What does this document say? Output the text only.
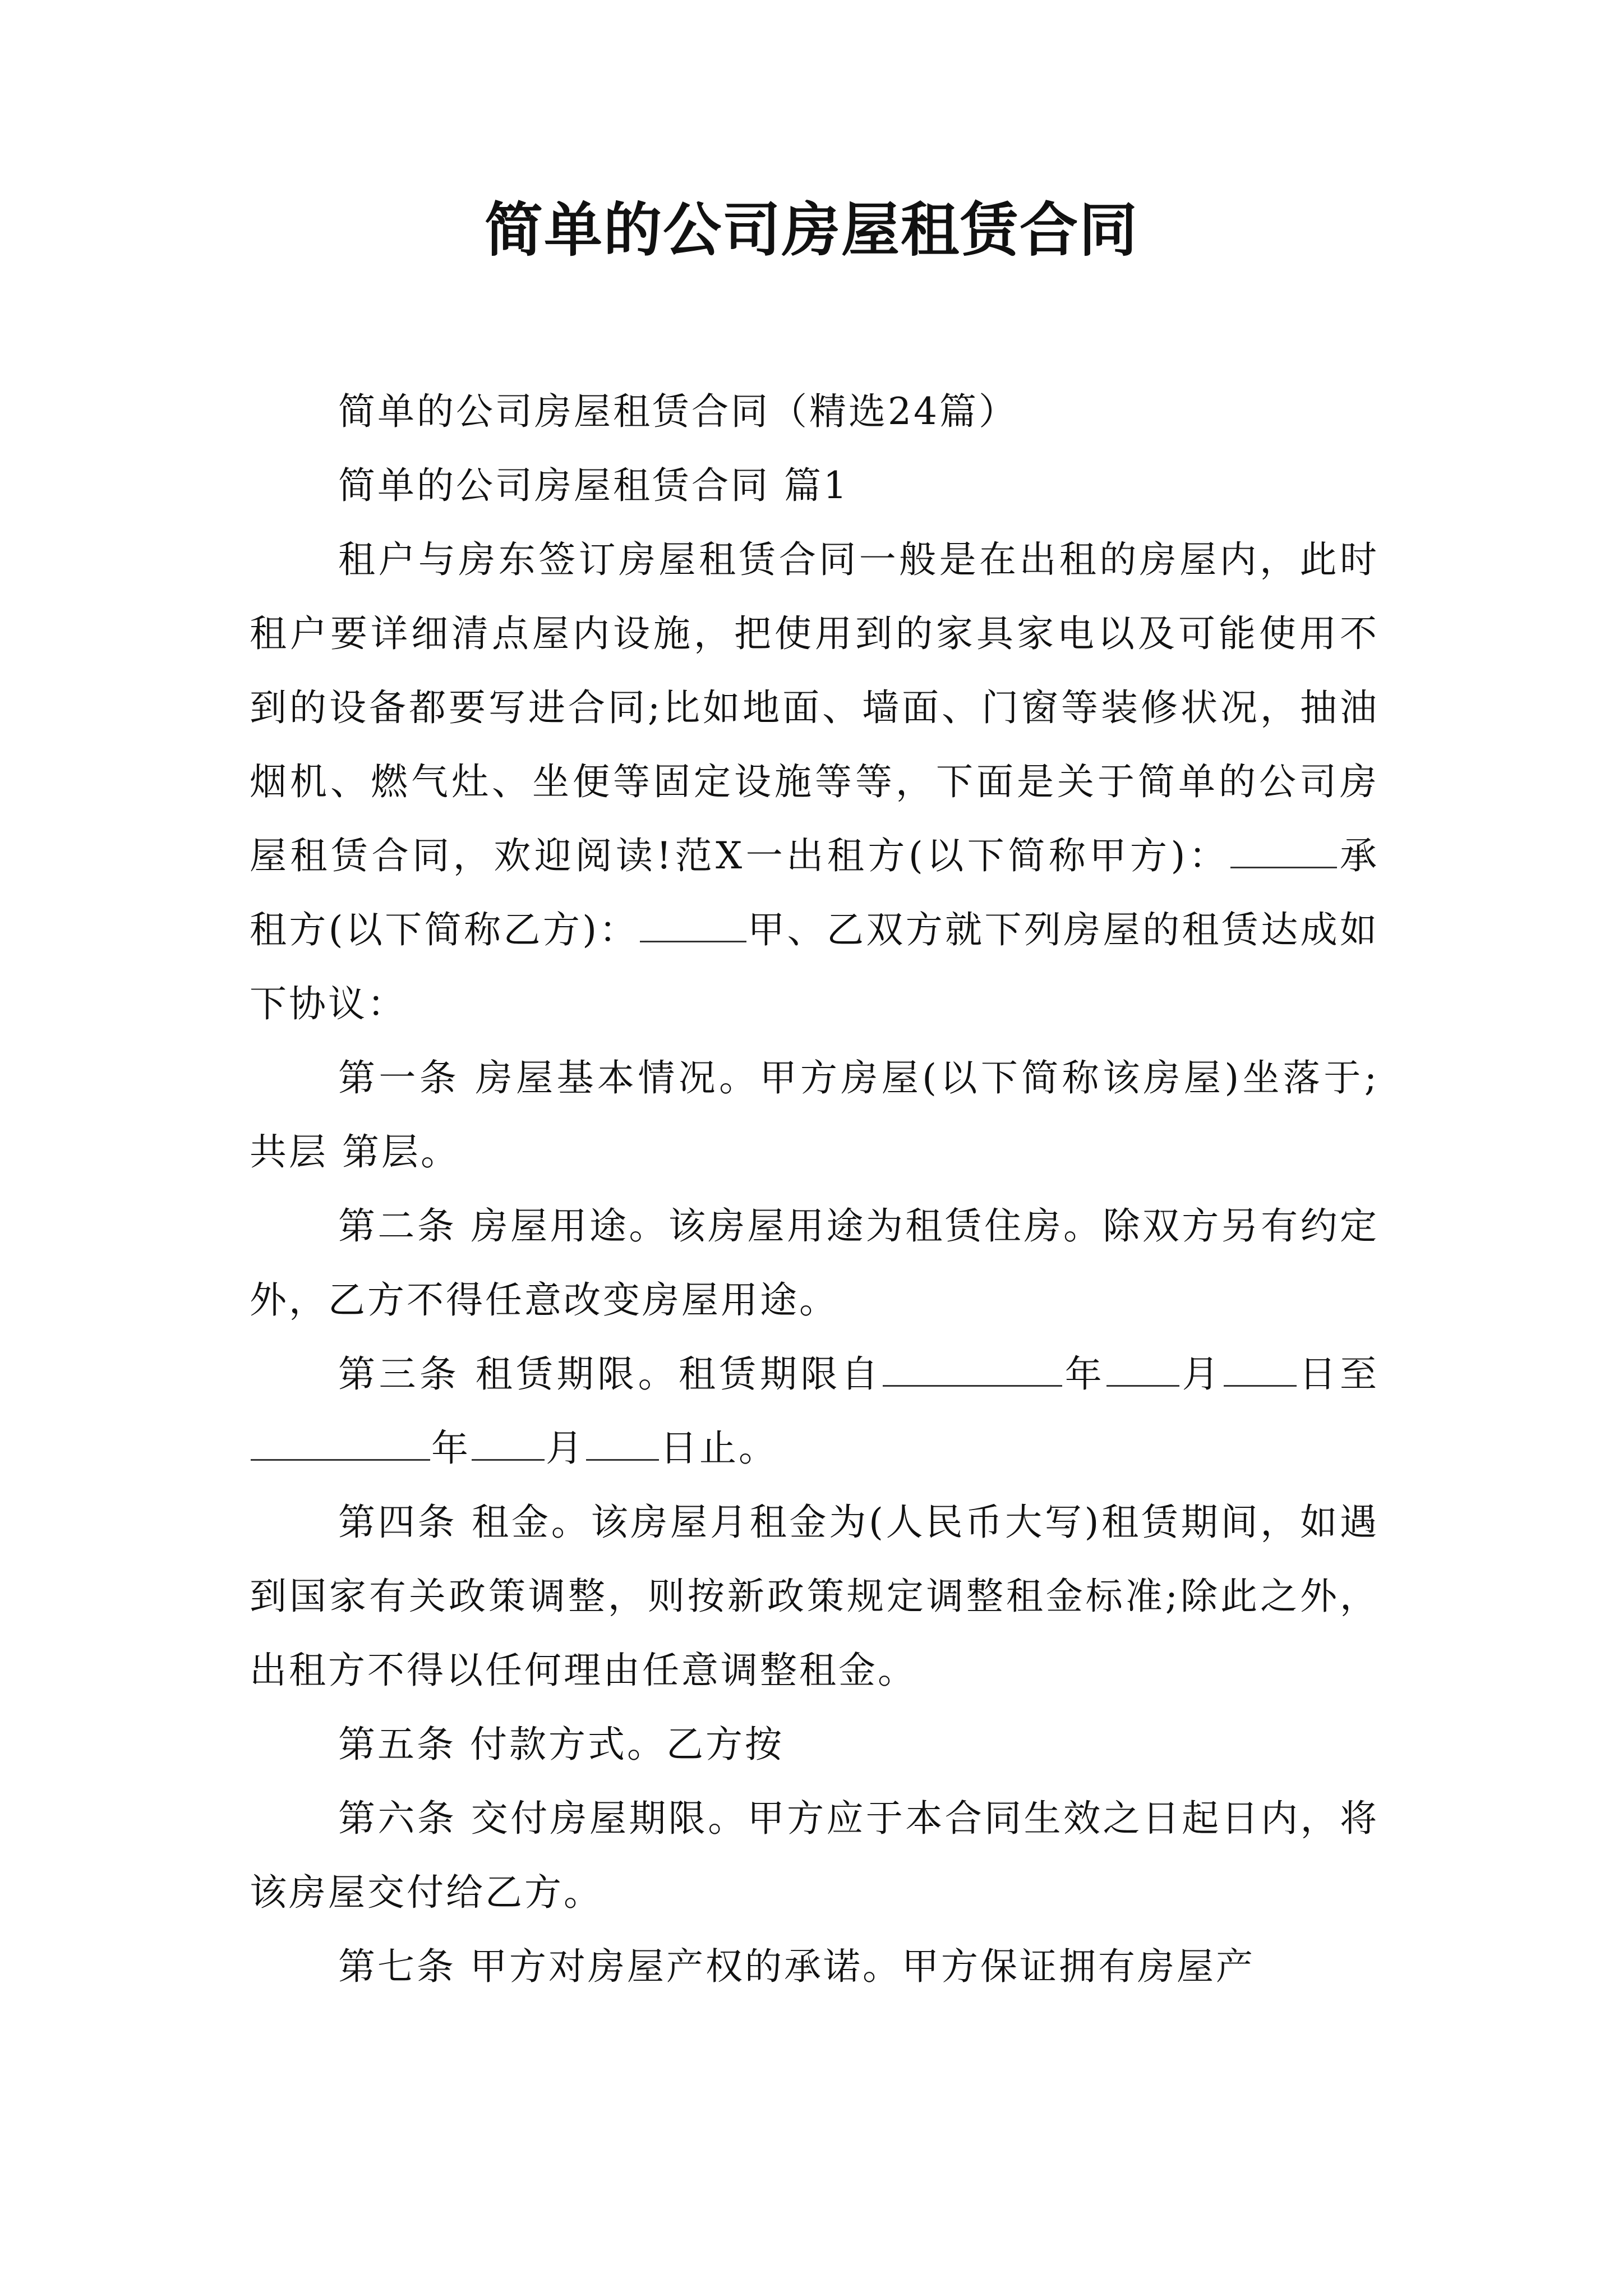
简单的公司房屋租赁合同

简单的公司房屋租赁合同（精选24篇）

简单的公司房屋租赁合同 篇1

租户与房东签订房屋租赁合同一般是在出租的房屋内，此时租户要详细清点屋内设施，把使用到的家具家电以及可能使用不到的设备都要写进合同;比如地面、墙面、门窗等装修状况，抽油烟机、燃气灶、坐便等固定设施等等，下面是关于简单的公司房屋租赁合同，欢迎阅读!范X一出租方(以下简称甲方)：	承租方(以下简称乙方)：	甲、乙双方就下列房屋的租赁达成如下协议：

第一条 房屋基本情况。甲方房屋(以下简称该房屋)坐落于;共层 第层。

第二条 房屋用途。该房屋用途为租赁住房。除双方另有约定外，乙方不得任意改变房屋用途。

第三条 租赁期限。租赁期限自	年 月 日至年 月 日止。

第四条 租金。该房屋月租金为(人民币大写)租赁期间，如遇到国家有关政策调整，则按新政策规定调整租金标准;除此之外，出租方不得以任何理由任意调整租金。

第五条 付款方式。乙方按

第六条 交付房屋期限。甲方应于本合同生效之日起日内，将该房屋交付给乙方。

第七条 甲方对房屋产权的承诺。甲方保证拥有房屋产
